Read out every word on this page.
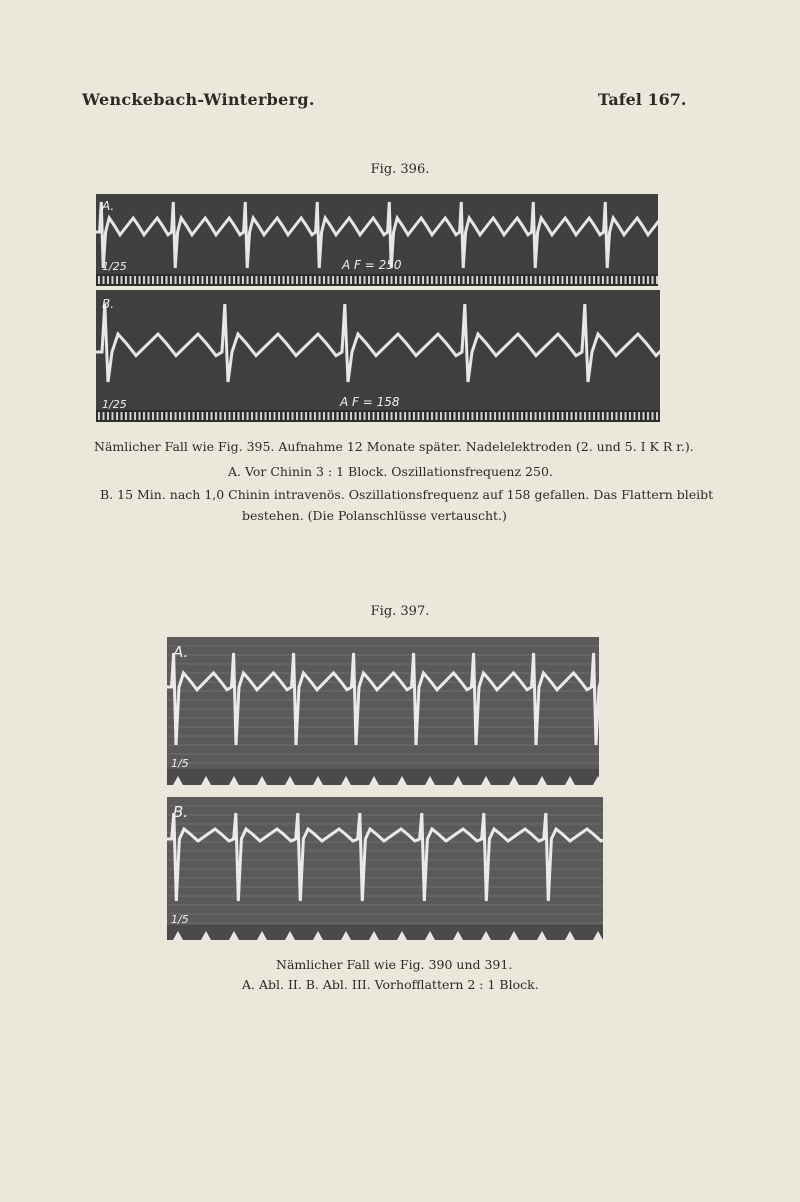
Wenckebach-Winterberg.	Tafel 167.
Fig. 396.
A.
1/25	A F = 250
B.
1/25	A F = 158
Nämlicher Fall wie Fig. 395. Aufnahme 12 Monate später. Nadelelektroden (2. und 5. I K R r.).
A. Vor Chinin 3 : 1 Block. Oszillationsfrequenz 250.
B. 15 Min. nach 1,0 Chinin intravenös. Oszillationsfrequenz auf 158 gefallen. Das Flattern bleibt
bestehen. (Die Polanschlüsse vertauscht.)
Fig. 397.
A.
1/5
B.
1/5
Nämlicher Fall wie Fig. 390 und 391.
A. Abl. II. B. Abl. III. Vorhofflattern 2 : 1 Block.
